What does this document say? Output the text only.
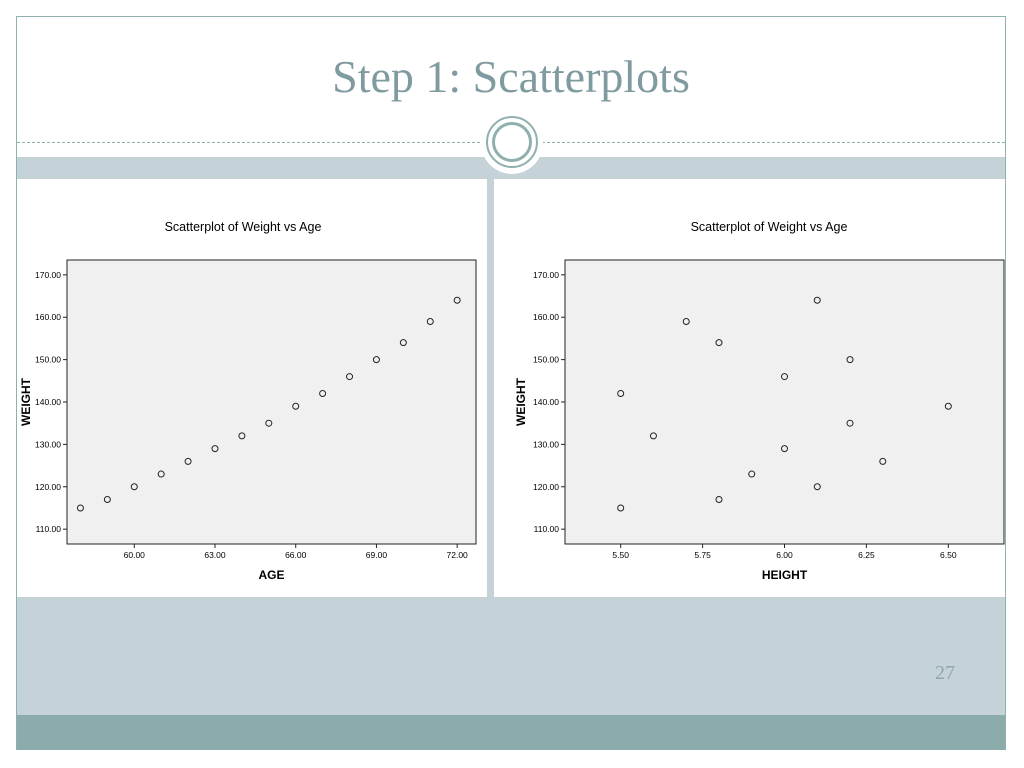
Step 1: Scatterplots
Scatterplot of Weight vs Age
110.00
120.00
130.00
140.00
150.00
160.00
170.00
60.00	63.00	66.00	69.00	72.00
AGE
WEIGHT
Scatterplot of Weight vs Age
110.00
120.00
130.00
140.00
150.00
160.00
170.00
5.50	5.75	6.00	6.25	6.50
HEIGHT
WEIGHT
27
